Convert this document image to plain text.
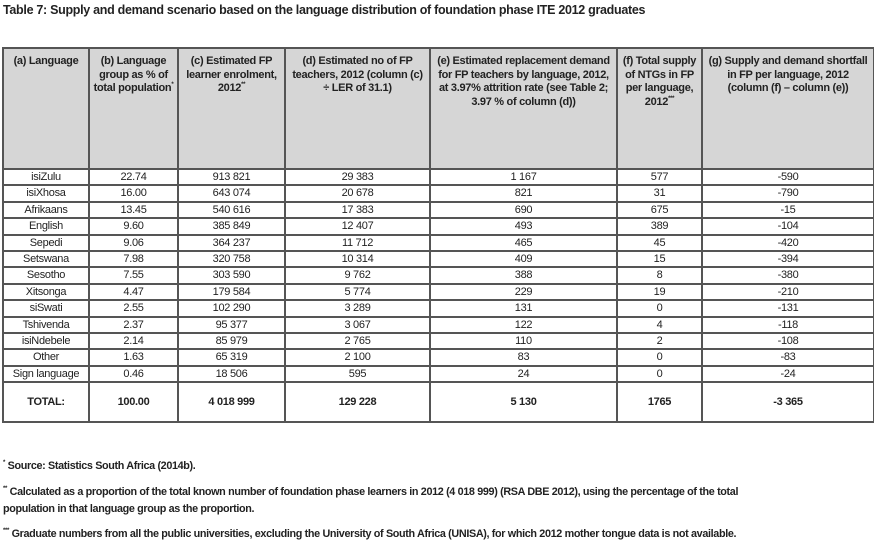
Table 7: Supply and demand scenario based on the language distribution of foundation phase ITE 2012 graduates
(a) Language	(b) Language group as % of total population*	(c) Estimated FP learner enrolment, 2012**	(d) Estimated no of FP teachers, 2012 (column (c) ÷ LER of 31.1)	(e) Estimated replacement demand for FP teachers by language, 2012, at 3.97% attrition rate (see Table 2; 3.97 % of column (d))	(f) Total supply of NTGs in FP per language, 2012***	(g) Supply and demand shortfall in FP per language, 2012 (column (f) – column (e))
isiZulu	22.74	913 821	29 383	1 167	577	-590
isiXhosa	16.00	643 074	20 678	821	31	-790
Afrikaans	13.45	540 616	17 383	690	675	-15
English	9.60	385 849	12 407	493	389	-104
Sepedi	9.06	364 237	11 712	465	45	-420
Setswana	7.98	320 758	10 314	409	15	-394
Sesotho	7.55	303 590	9 762	388	8	-380
Xitsonga	4.47	179 584	5 774	229	19	-210
siSwati	2.55	102 290	3 289	131	0	-131
Tshivenda	2.37	95 377	3 067	122	4	-118
isiNdebele	2.14	85 979	2 765	110	2	-108
Other	1.63	65 319	2 100	83	0	-83
Sign language	0.46	18 506	595	24	0	-24
TOTAL:	100.00	4 018 999	129 228	5 130	1765	-3 365
* Source: Statistics South Africa (2014b).
** Calculated as a proportion of the total known number of foundation phase learners in 2012 (4 018 999) (RSA DBE 2012), using the percentage of the total
population in that language group as the proportion.
*** Graduate numbers from all the public universities, excluding the University of South Africa (UNISA), for which 2012 mother tongue data is not available.
